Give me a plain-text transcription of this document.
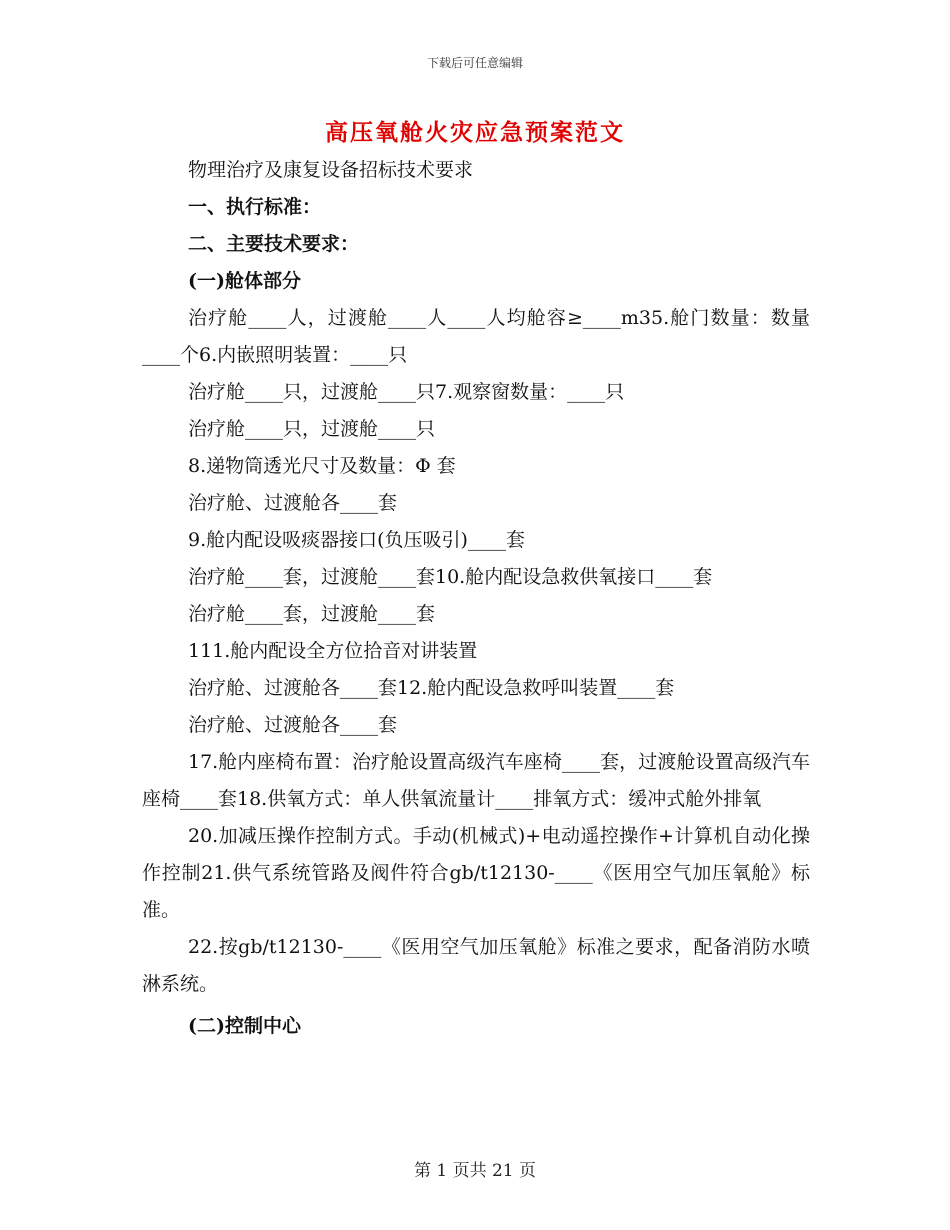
下载后可任意编辑
高压氧舱火灾应急预案范文

物理治疗及康复设备招标技术要求

一、执行标准：

二、主要技术要求：

(一)舱体部分

治疗舱____人，过渡舱____人____人均舱容≥____m35.舱门数量：数量____个6.内嵌照明装置：____只

治疗舱____只，过渡舱____只7.观察窗数量：____只

治疗舱____只，过渡舱____只

8.递物筒透光尺寸及数量：Φ 套

治疗舱、过渡舱各____套

9.舱内配设吸痰器接口(负压吸引)____套

治疗舱____套，过渡舱____套10.舱内配设急救供氧接口____套

治疗舱____套，过渡舱____套

111.舱内配设全方位拾音对讲装置

治疗舱、过渡舱各____套12.舱内配设急救呼叫装置____套

治疗舱、过渡舱各____套

17.舱内座椅布置：治疗舱设置高级汽车座椅____套，过渡舱设置高级汽车座椅____套18.供氧方式：单人供氧流量计____排氧方式：缓冲式舱外排氧

20.加减压操作控制方式。手动(机械式)+电动遥控操作+计算机自动化操作控制21.供气系统管路及阀件符合gb/t12130-____《医用空气加压氧舱》标准。

22.按gb/t12130-____《医用空气加压氧舱》标准之要求，配备消防水喷淋系统。

(二)控制中心

第 1 页共 21 页
